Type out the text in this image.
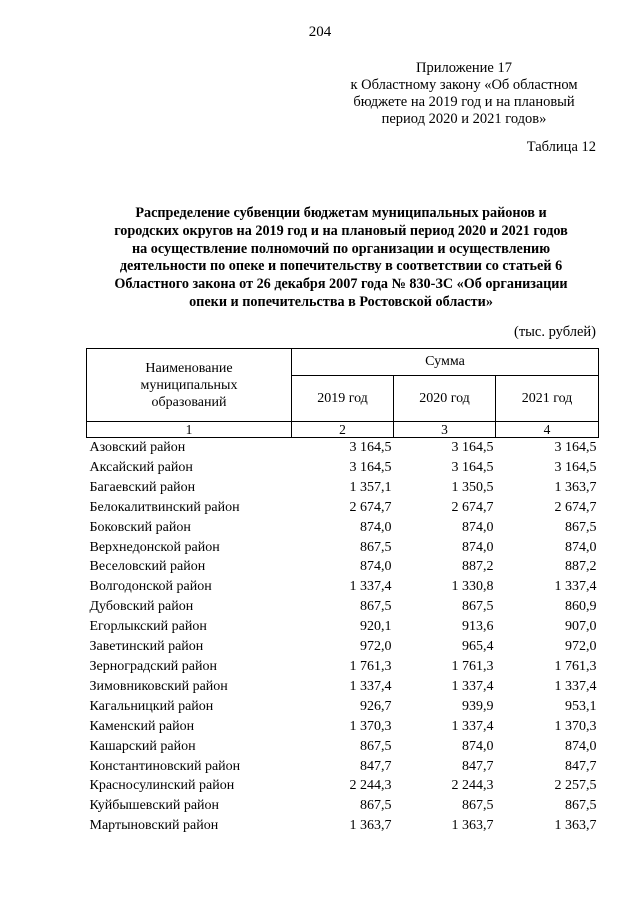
204
Приложение 17
к Областному закону «Об областном
бюджете на 2019 год и на плановый
период 2020 и 2021 годов»
Таблица 12
Распределение субвенции бюджетам муниципальных районов и
городских округов на 2019 год и на плановый период 2020 и 2021 годов
на осуществление полномочий по организации и осуществлению
деятельности по опеке и попечительству в соответствии со статьей 6
Областного закона от 26 декабря 2007 года № 830-ЗС «Об организации
опеки и попечительства в Ростовской области»
(тыс. рублей)
Наименование
муниципальных
образований	Сумма		
	2019 год	2020 год	2021 год
1	2	3	4
Азовский район	3 164,5	3 164,5	3 164,5
Аксайский район	3 164,5	3 164,5	3 164,5
Багаевский район	1 357,1	1 350,5	1 363,7
Белокалитвинский район	2 674,7	2 674,7	2 674,7
Боковский район	874,0	874,0	867,5
Верхнедонской район	867,5	874,0	874,0
Веселовский район	874,0	887,2	887,2
Волгодонской район	1 337,4	1 330,8	1 337,4
Дубовский район	867,5	867,5	860,9
Егорлыкский район	920,1	913,6	907,0
Заветинский район	972,0	965,4	972,0
Зерноградский район	1 761,3	1 761,3	1 761,3
Зимовниковский район	1 337,4	1 337,4	1 337,4
Кагальницкий район	926,7	939,9	953,1
Каменский район	1 370,3	1 337,4	1 370,3
Кашарский район	867,5	874,0	874,0
Константиновский район	847,7	847,7	847,7
Красносулинский район	2 244,3	2 244,3	2 257,5
Куйбышевский район	867,5	867,5	867,5
Мартыновский район	1 363,7	1 363,7	1 363,7
